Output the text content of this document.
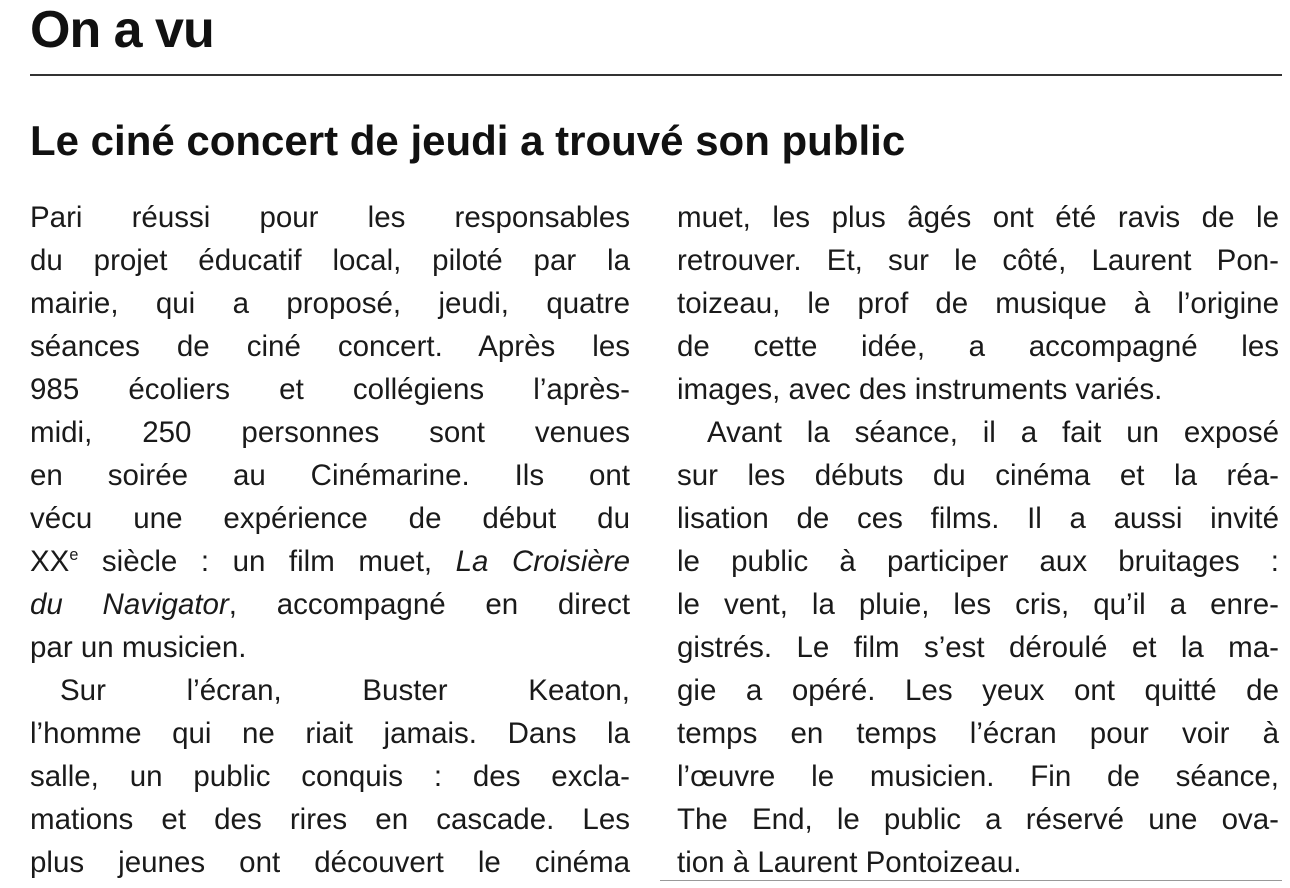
On a vu
Le ciné concert de jeudi a trouvé son public
Pari réussi pour les responsables
du projet éducatif local, piloté par la
mairie, qui a proposé, jeudi, quatre
séances de ciné concert. Après les
985 écoliers et collégiens l’après-
midi, 250 personnes sont venues
en soirée au Cinémarine. Ils ont
vécu une expérience de début du
XXe siècle : un film muet, La Croisière
du Navigator, accompagné en direct
par un musicien.
Sur l’écran, Buster Keaton,
l’homme qui ne riait jamais. Dans la
salle, un public conquis : des excla-
mations et des rires en cascade. Les
plus jeunes ont découvert le cinéma
muet, les plus âgés ont été ravis de le
retrouver. Et, sur le côté, Laurent Pon-
toizeau, le prof de musique à l’origine
de cette idée, a accompagné les
images, avec des instruments variés.
Avant la séance, il a fait un exposé
sur les débuts du cinéma et la réa-
lisation de ces films. Il a aussi invité
le public à participer aux bruitages :
le vent, la pluie, les cris, qu’il a enre-
gistrés. Le film s’est déroulé et la ma-
gie a opéré. Les yeux ont quitté de
temps en temps l’écran pour voir à
l’œuvre le musicien. Fin de séance,
The End, le public a réservé une ova-
tion à Laurent Pontoizeau.
